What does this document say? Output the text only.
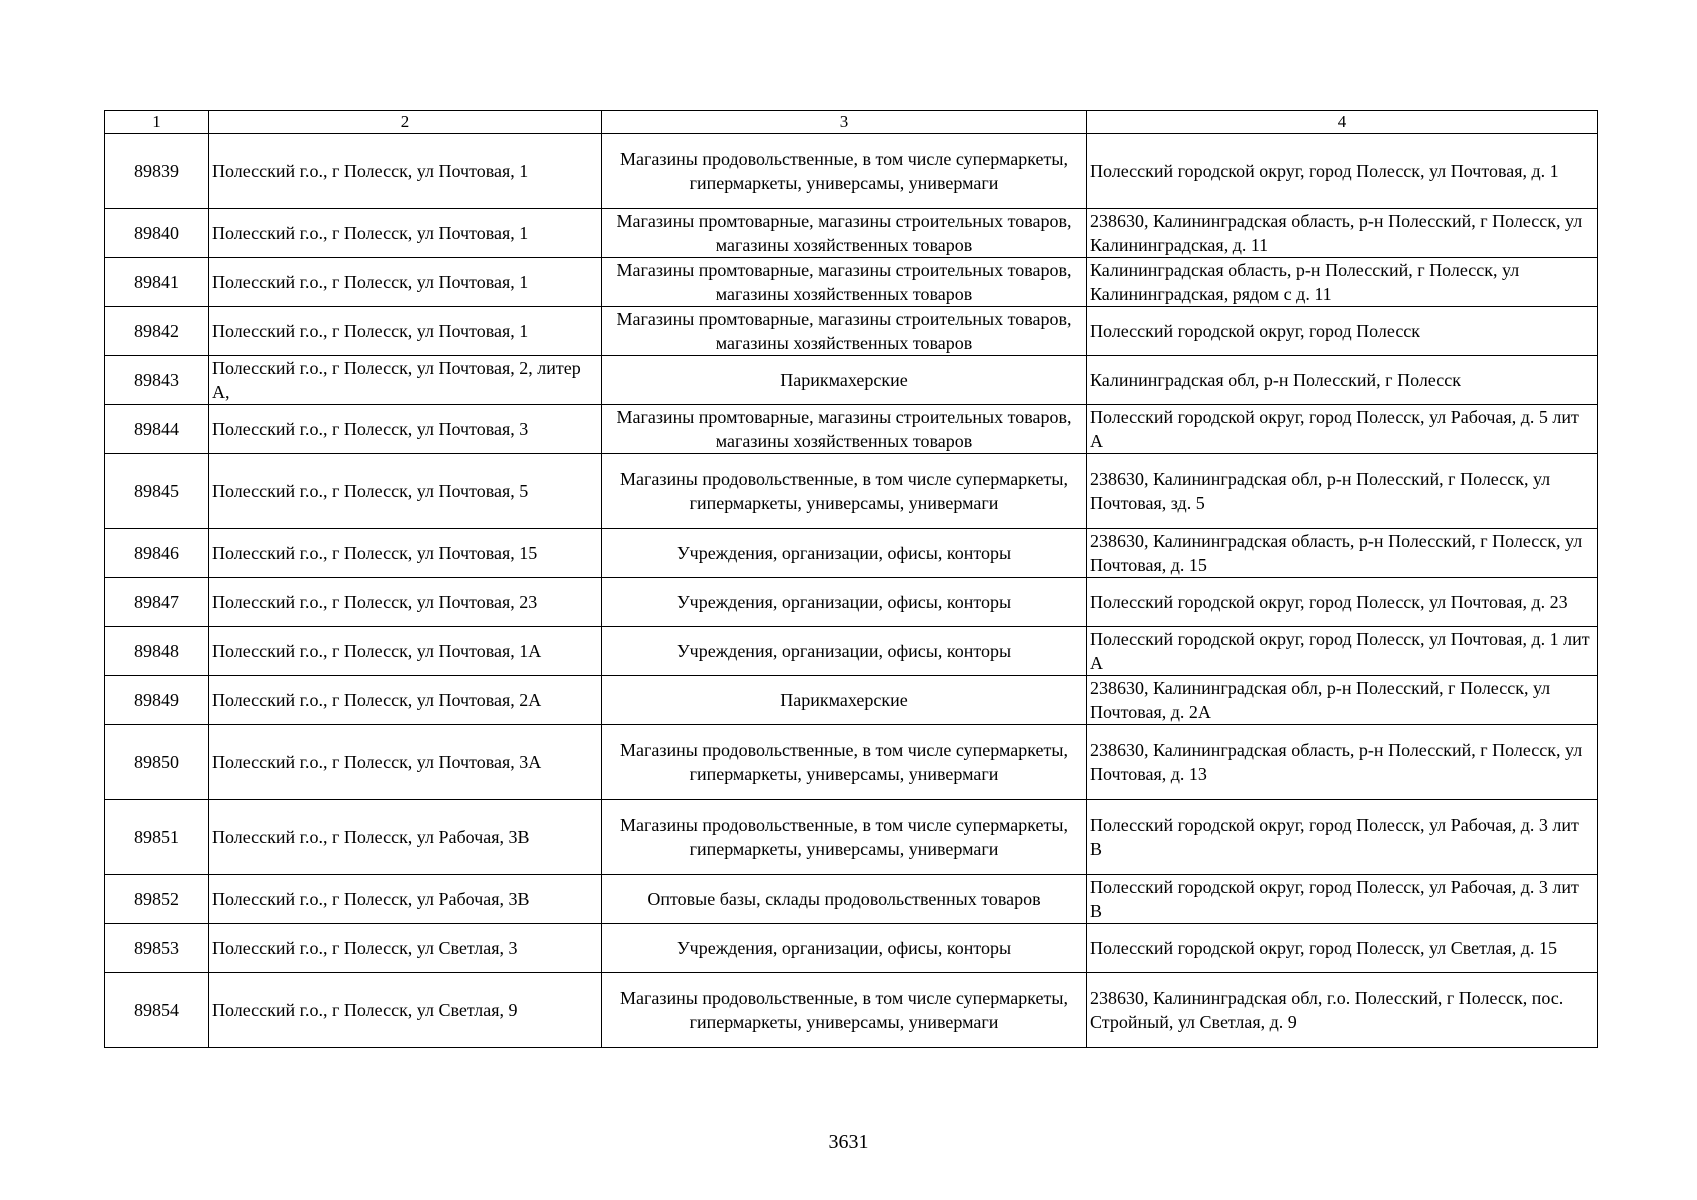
1	2	3	4
89839	Полесский г.о., г Полесск, ул Почтовая, 1	Магазины продовольственные, в том числе супермаркеты, гипермаркеты, универсамы, универмаги	Полесский городской округ, город Полесск, ул Почтовая, д. 1
89840	Полесский г.о., г Полесск, ул Почтовая, 1	Магазины промтоварные, магазины строительных товаров, магазины хозяйственных товаров	238630, Калининградская область, р-н Полесский, г Полесск, ул Калининградская, д. 11
89841	Полесский г.о., г Полесск, ул Почтовая, 1	Магазины промтоварные, магазины строительных товаров, магазины хозяйственных товаров	Калининградская область, р-н Полесский, г Полесск, ул Калининградская, рядом с д. 11
89842	Полесский г.о., г Полесск, ул Почтовая, 1	Магазины промтоварные, магазины строительных товаров, магазины хозяйственных товаров	Полесский городской округ, город Полесск
89843	Полесский г.о., г Полесск, ул Почтовая, 2, литер А,	Парикмахерские	Калининградская обл, р-н Полесский, г Полесск
89844	Полесский г.о., г Полесск, ул Почтовая, 3	Магазины промтоварные, магазины строительных товаров, магазины хозяйственных товаров	Полесский городской округ, город Полесск, ул Рабочая, д. 5 лит А
89845	Полесский г.о., г Полесск, ул Почтовая, 5	Магазины продовольственные, в том числе супермаркеты, гипермаркеты, универсамы, универмаги	238630, Калининградская обл, р-н Полесский, г Полесск, ул Почтовая, зд. 5
89846	Полесский г.о., г Полесск, ул Почтовая, 15	Учреждения, организации, офисы, конторы	238630, Калининградская область, р-н Полесский, г Полесск, ул Почтовая, д. 15
89847	Полесский г.о., г Полесск, ул Почтовая, 23	Учреждения, организации, офисы, конторы	Полесский городской округ, город Полесск, ул Почтовая, д. 23
89848	Полесский г.о., г Полесск, ул Почтовая, 1А	Учреждения, организации, офисы, конторы	Полесский городской округ, город Полесск, ул Почтовая, д. 1 лит А
89849	Полесский г.о., г Полесск, ул Почтовая, 2А	Парикмахерские	238630, Калининградская обл, р-н Полесский, г Полесск, ул Почтовая, д. 2А
89850	Полесский г.о., г Полесск, ул Почтовая, 3А	Магазины продовольственные, в том числе супермаркеты, гипермаркеты, универсамы, универмаги	238630, Калининградская область, р-н Полесский, г Полесск, ул Почтовая, д. 13
89851	Полесский г.о., г Полесск, ул Рабочая, 3В	Магазины продовольственные, в том числе супермаркеты, гипермаркеты, универсамы, универмаги	Полесский городской округ, город Полесск, ул Рабочая, д. 3 лит В
89852	Полесский г.о., г Полесск, ул Рабочая, 3В	Оптовые базы, склады продовольственных товаров	Полесский городской округ, город Полесск, ул Рабочая, д. 3 лит В
89853	Полесский г.о., г Полесск, ул Светлая, 3	Учреждения, организации, офисы, конторы	Полесский городской округ, город Полесск, ул Светлая, д. 15
89854	Полесский г.о., г Полесск, ул Светлая, 9	Магазины продовольственные, в том числе супермаркеты, гипермаркеты, универсамы, универмаги	238630, Калининградская обл, г.о. Полесский, г Полесск, пос. Стройный, ул Светлая, д. 9
3631
